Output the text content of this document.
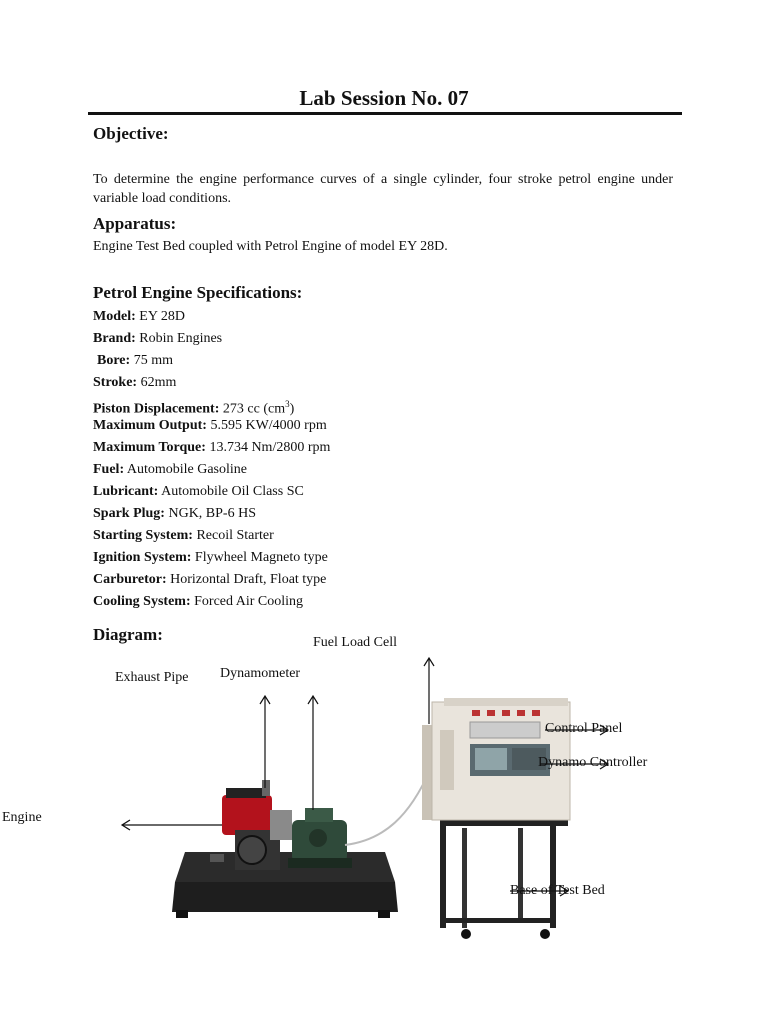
Lab Session No. 07
Objective:
To determine the engine performance curves of a single cylinder, four stroke petrol engine under variable load conditions.
Apparatus:
Engine Test Bed coupled with Petrol Engine of model EY 28D.
Petrol Engine Specifications:
Model: EY 28D
Brand: Robin Engines
Bore: 75 mm
Stroke: 62mm
Piston Displacement: 273 cc $(cm^3)$
Maximum Output: 5.595 KW/4000 rpm
Maximum Torque: 13.734 Nm/2800 rpm
Fuel: Automobile Gasoline
Lubricant: Automobile Oil Class SC
Spark Plug: NGK, BP-6 HS
Starting System: Recoil Starter
Ignition System: Flywheel Magneto type
Carburetor: Horizontal Draft, Float type
Cooling System: Forced Air Cooling
Diagram:	Fuel Load Cell
Exhaust Pipe Dynamometer
Control Panel
Dynamo Controller
Engine
Base of Test Bed
